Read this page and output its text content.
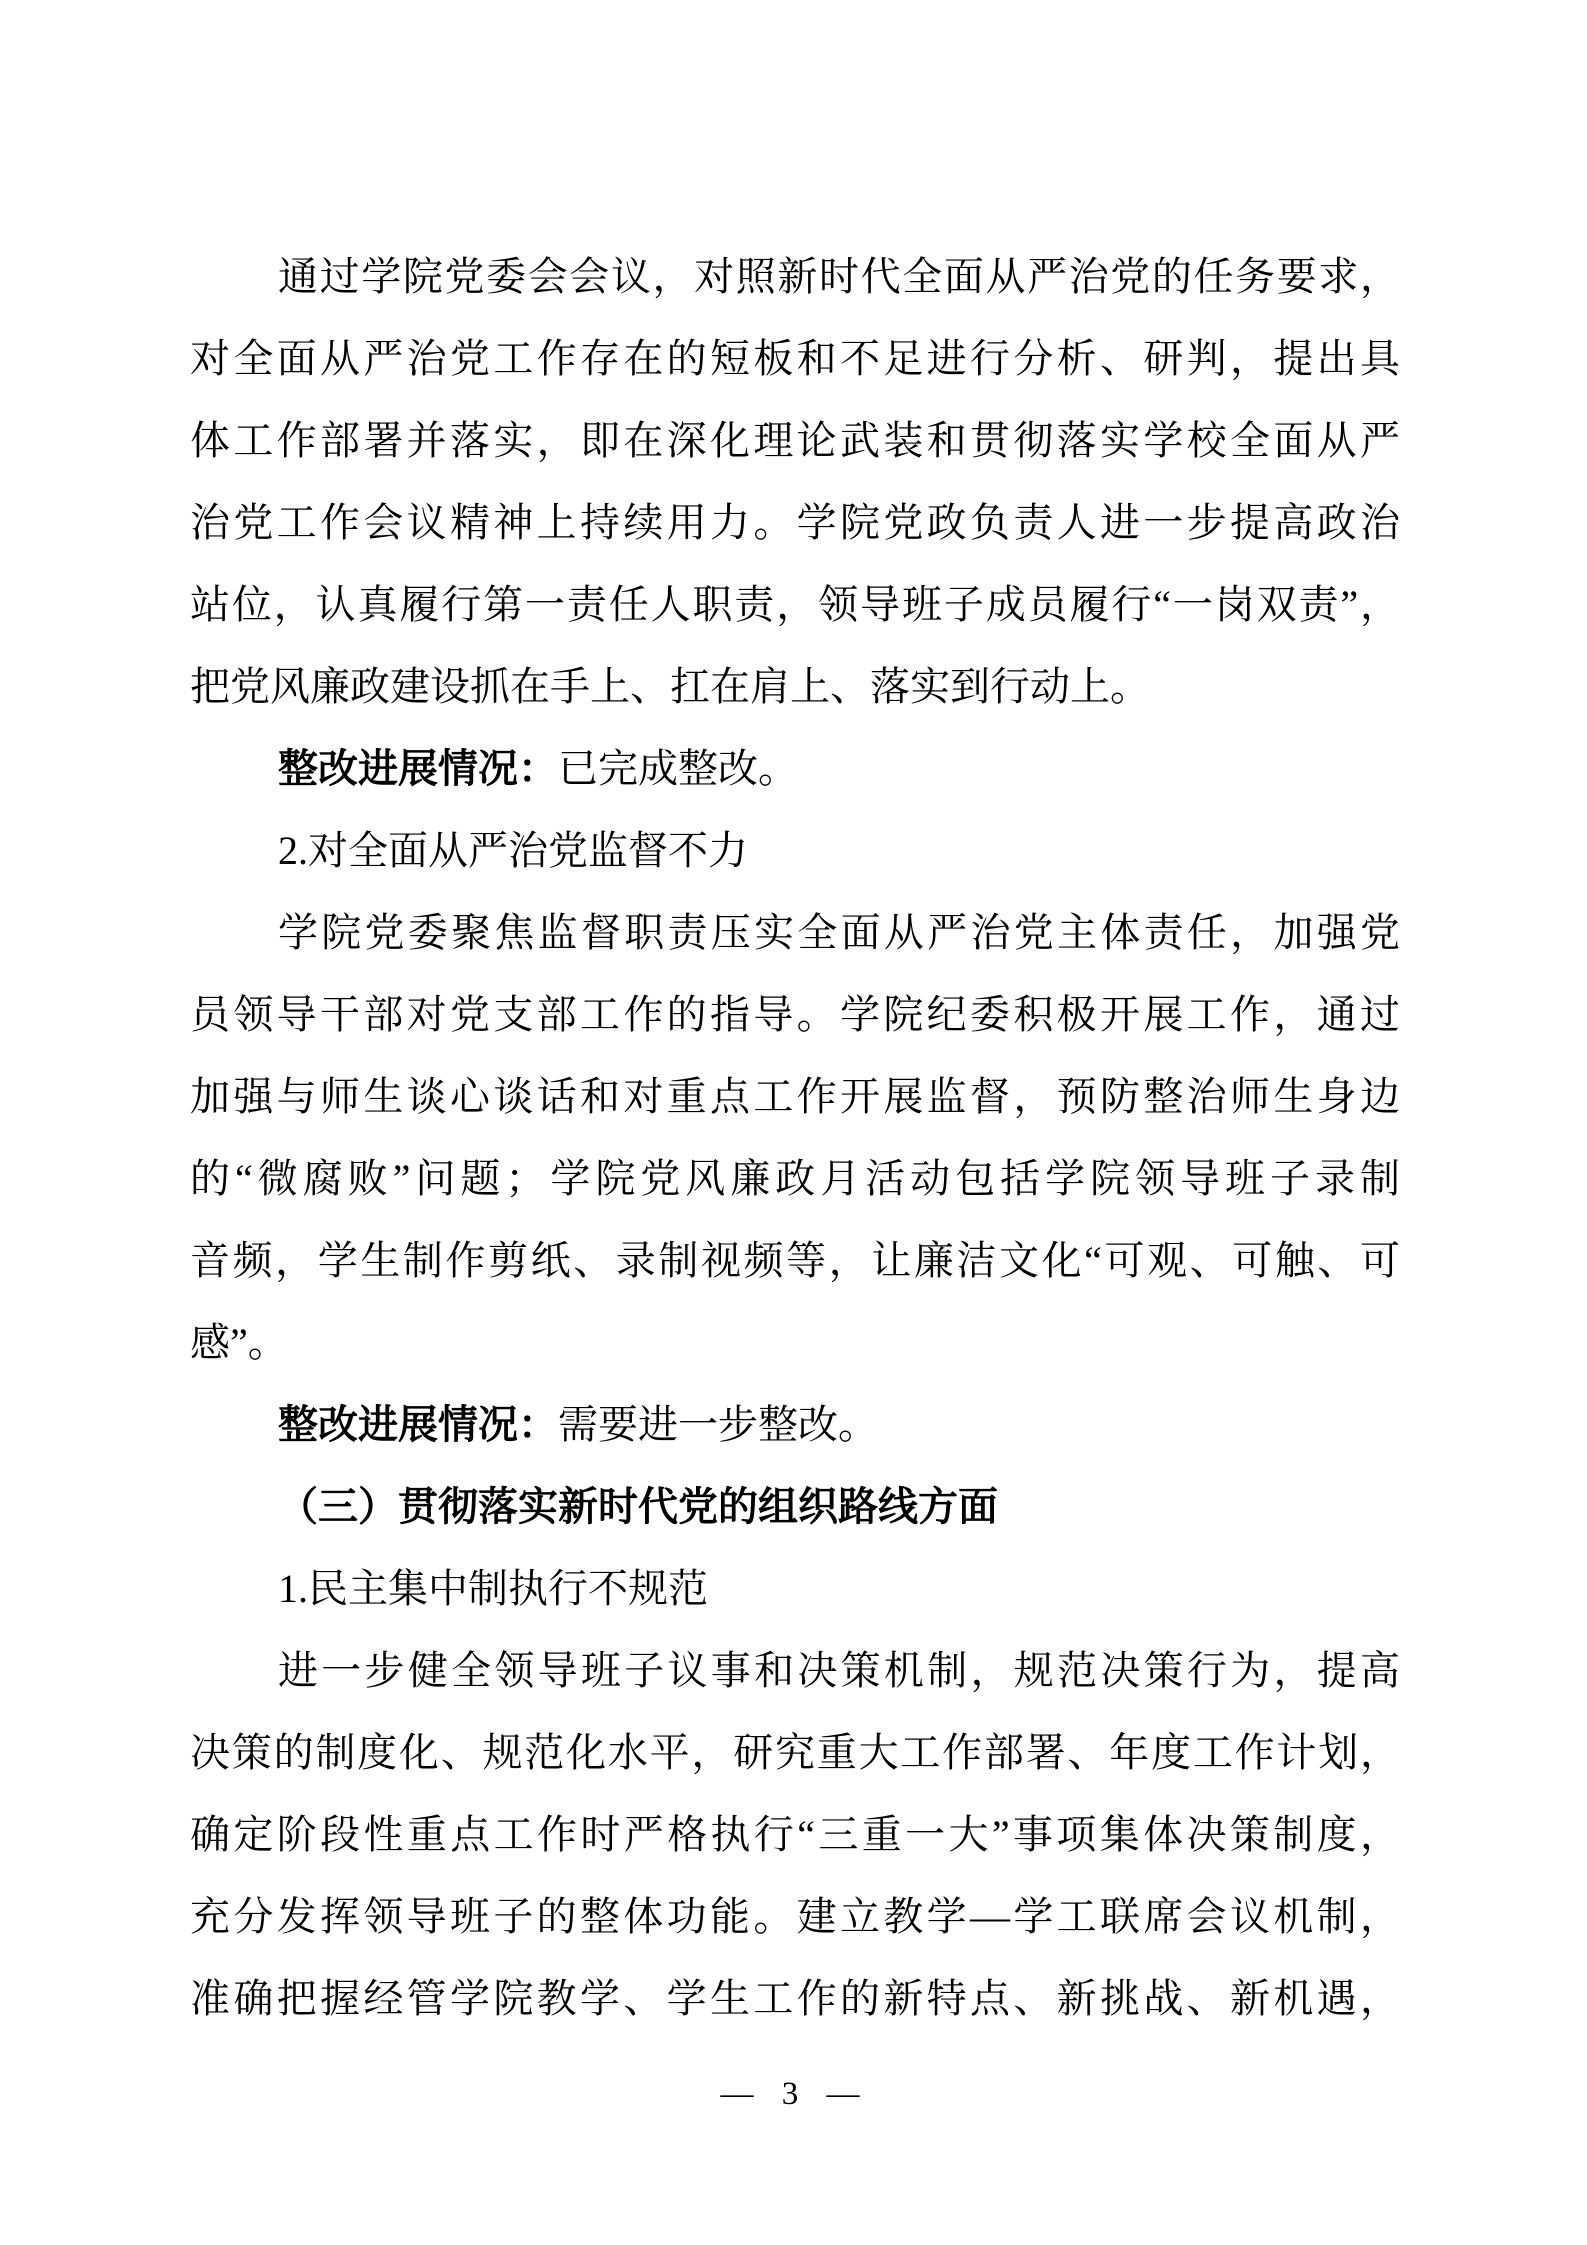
通过学院党委会会议，对照新时代全面从严治党的任务要求，
对全面从严治党工作存在的短板和不足进行分析、研判，提出具
体工作部署并落实，即在深化理论武装和贯彻落实学校全面从严
治党工作会议精神上持续用力。学院党政负责人进一步提高政治
站位，认真履行第一责任人职责，领导班子成员履行“一岗双责”，
把党风廉政建设抓在手上、扛在肩上、落实到行动上。
整改进展情况：已完成整改。
2.对全面从严治党监督不力
学院党委聚焦监督职责压实全面从严治党主体责任，加强党
员领导干部对党支部工作的指导。学院纪委积极开展工作，通过
加强与师生谈心谈话和对重点工作开展监督，预防整治师生身边
的“微腐败”问题；学院党风廉政月活动包括学院领导班子录制
音频，学生制作剪纸、录制视频等，让廉洁文化“可观、可触、可
感”。
整改进展情况：需要进一步整改。
（三）贯彻落实新时代党的组织路线方面
1.民主集中制执行不规范
进一步健全领导班子议事和决策机制，规范决策行为，提高
决策的制度化、规范化水平，研究重大工作部署、年度工作计划，
确定阶段性重点工作时严格执行“三重一大”事项集体决策制度，
充分发挥领导班子的整体功能。建立教学—学工联席会议机制，
准确把握经管学院教学、学生工作的新特点、新挑战、新机遇，
— 3 —
